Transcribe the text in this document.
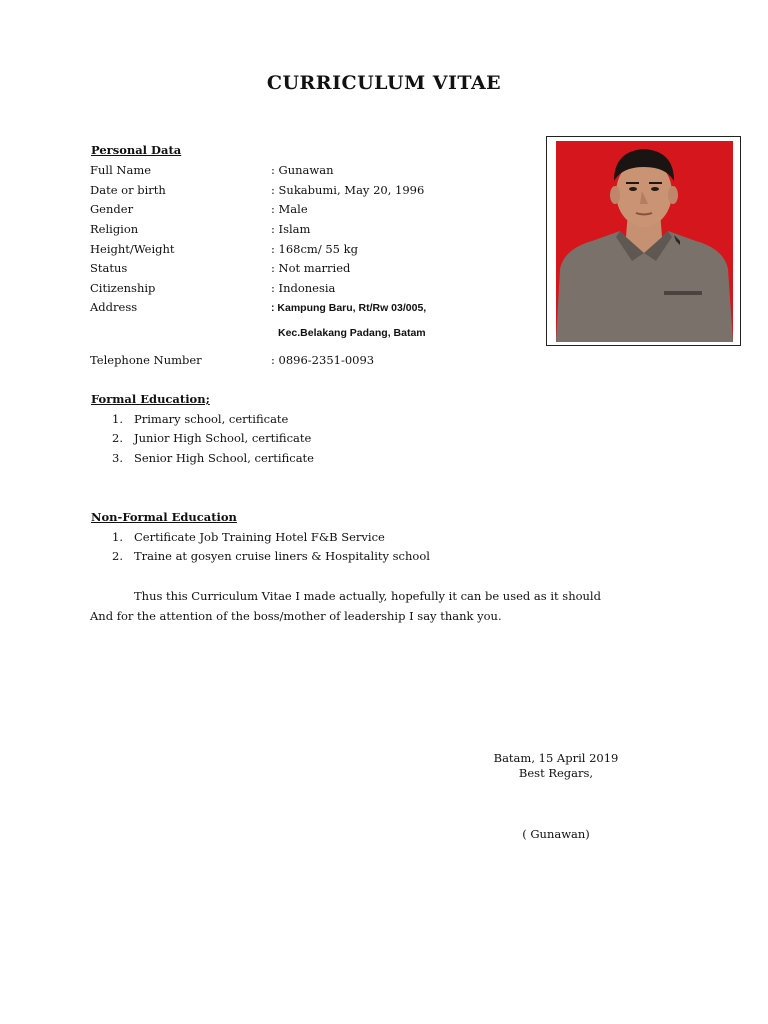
CURRICULUM VITAE
Personal Data
Full Name	: Gunawan
Date or birth	: Sukabumi, May 20, 1996
Gender	: Male
Religion	: Islam
Height/Weight	: 168cm/ 55 kg
Status	: Not married
Citizenship	: Indonesia
Address	: Kampung Baru, Rt/Rw 03/005,
Kec.Belakang Padang, Batam
Telephone Number	: 0896-2351-0093
Formal Education;
1. Primary school, certificate
2. Junior High School, certificate
3. Senior High School, certificate
Non-Formal Education
1. Certificate Job Training Hotel F&B Service
2. Traine at gosyen cruise liners & Hospitality school
Thus this Curriculum Vitae I made actually, hopefully it can be used as it should
And for the attention of the boss/mother of leadership I say thank you.
Batam, 15 April 2019
Best Regars,
( Gunawan)
